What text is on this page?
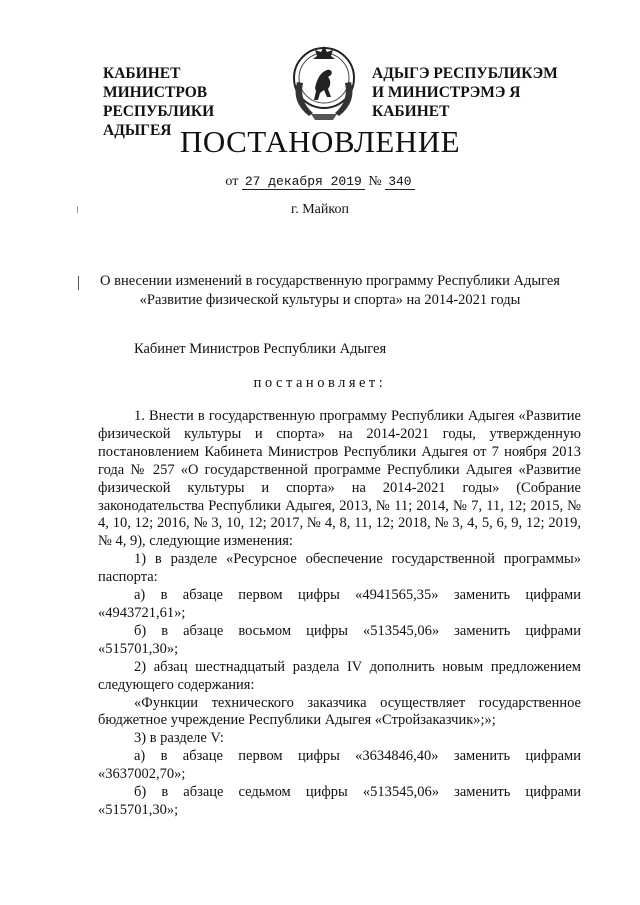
КАБИНЕТ МИНИСТРОВ
РЕСПУБЛИКИ АДЫГЕЯ
АДЫГЭ РЕСПУБЛИКЭМ
И МИНИСТРЭМЭ Я КАБИНЕТ
ПОСТАНОВЛЕНИЕ
от 27 декабря 2019 № 340
г. Майкоп
О внесении изменений в государственную программу Республики Адыгея
«Развитие физической культуры и спорта» на 2014-2021 годы
Кабинет Министров Республики Адыгея
постановляет:

1. Внести в государственную программу Республики Адыгея «Развитие физической культуры и спорта» на 2014-2021 годы, утвержденную постановлением Кабинета Министров Республики Адыгея от 7 ноября 2013 года № 257 «О государственной программе Республики Адыгея «Развитие физической культуры и спорта» на 2014-2021 годы» (Собрание законодательства Республики Адыгея, 2013, № 11; 2014, № 7, 11, 12; 2015, № 4, 10, 12; 2016, № 3, 10, 12; 2017, № 4, 8, 11, 12; 2018, № 3, 4, 5, 6, 9, 12; 2019, № 4, 9), следующие изменения:

1) в разделе «Ресурсное обеспечение государственной программы» паспорта:

а) в абзаце первом цифры «4941565,35» заменить цифрами «4943721,61»;

б) в абзаце восьмом цифры «513545,06» заменить цифрами «515701,30»;

2) абзац шестнадцатый раздела IV дополнить новым предложением следующего содержания:

«Функции технического заказчика осуществляет государственное бюджетное учреждение Республики Адыгея «Стройзаказчик»;»;

3) в разделе V:

а) в абзаце первом цифры «3634846,40» заменить цифрами «3637002,70»;

б) в абзаце седьмом цифры «513545,06» заменить цифрами «515701,30»;
